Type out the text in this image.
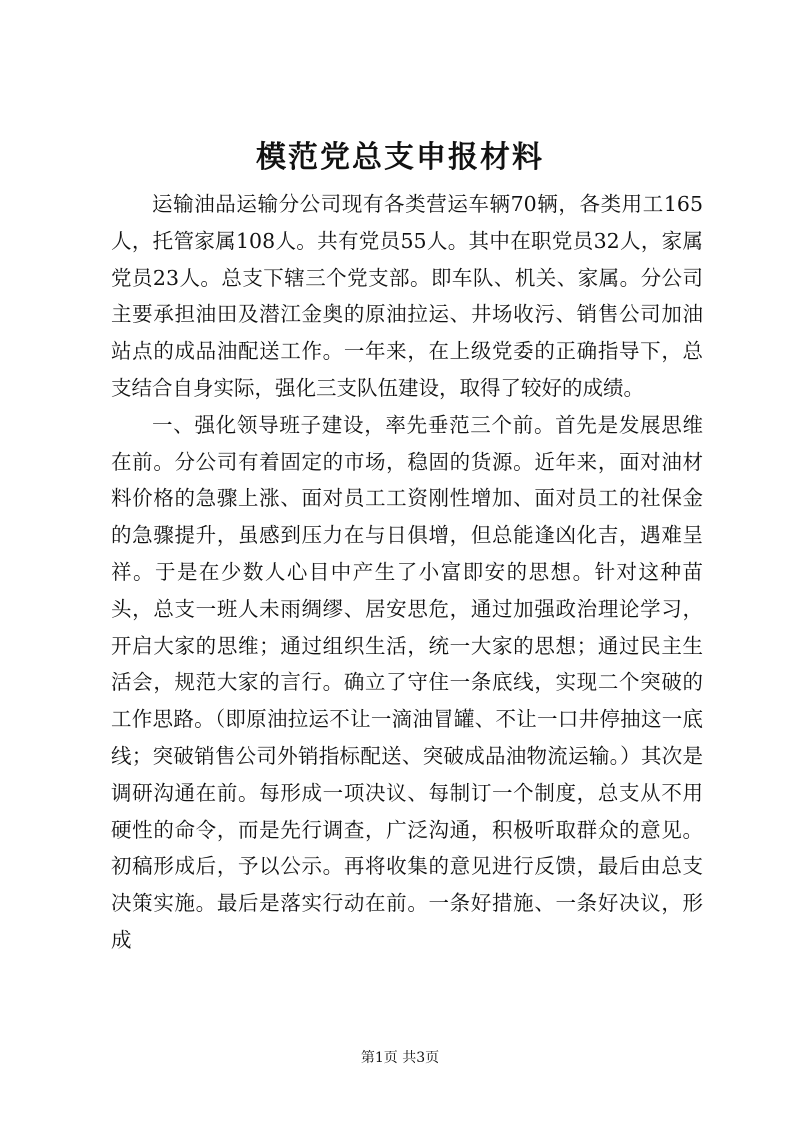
模范党总支申报材料

运输油品运输分公司现有各类营运车辆70辆，各类用工165人，托管家属108人。共有党员55人。其中在职党员32人，家属党员23人。总支下辖三个党支部。即车队、机关、家属。分公司主要承担油田及潜江金奥的原油拉运、井场收污、销售公司加油站点的成品油配送工作。一年来，在上级党委的正确指导下，总支结合自身实际，强化三支队伍建设，取得了较好的成绩。

一、强化领导班子建设，率先垂范三个前。首先是发展思维在前。分公司有着固定的市场，稳固的货源。近年来，面对油材料价格的急骤上涨、面对员工工资刚性增加、面对员工的社保金的急骤提升，虽感到压力在与日俱增，但总能逢凶化吉，遇难呈祥。于是在少数人心目中产生了小富即安的思想。针对这种苗头，总支一班人未雨绸缪、居安思危，通过加强政治理论学习，开启大家的思维；通过组织生活，统一大家的思想；通过民主生活会，规范大家的言行。确立了守住一条底线，实现二个突破的工作思路。（即原油拉运不让一滴油冒罐、不让一口井停抽这一底线；突破销售公司外销指标配送、突破成品油物流运输。）其次是调研沟通在前。每形成一项决议、每制订一个制度，总支从不用硬性的命令，而是先行调查，广泛沟通，积极听取群众的意见。初稿形成后，予以公示。再将收集的意见进行反馈，最后由总支决策实施。最后是落实行动在前。一条好措施、一条好决议，形成

第1页 共3页
